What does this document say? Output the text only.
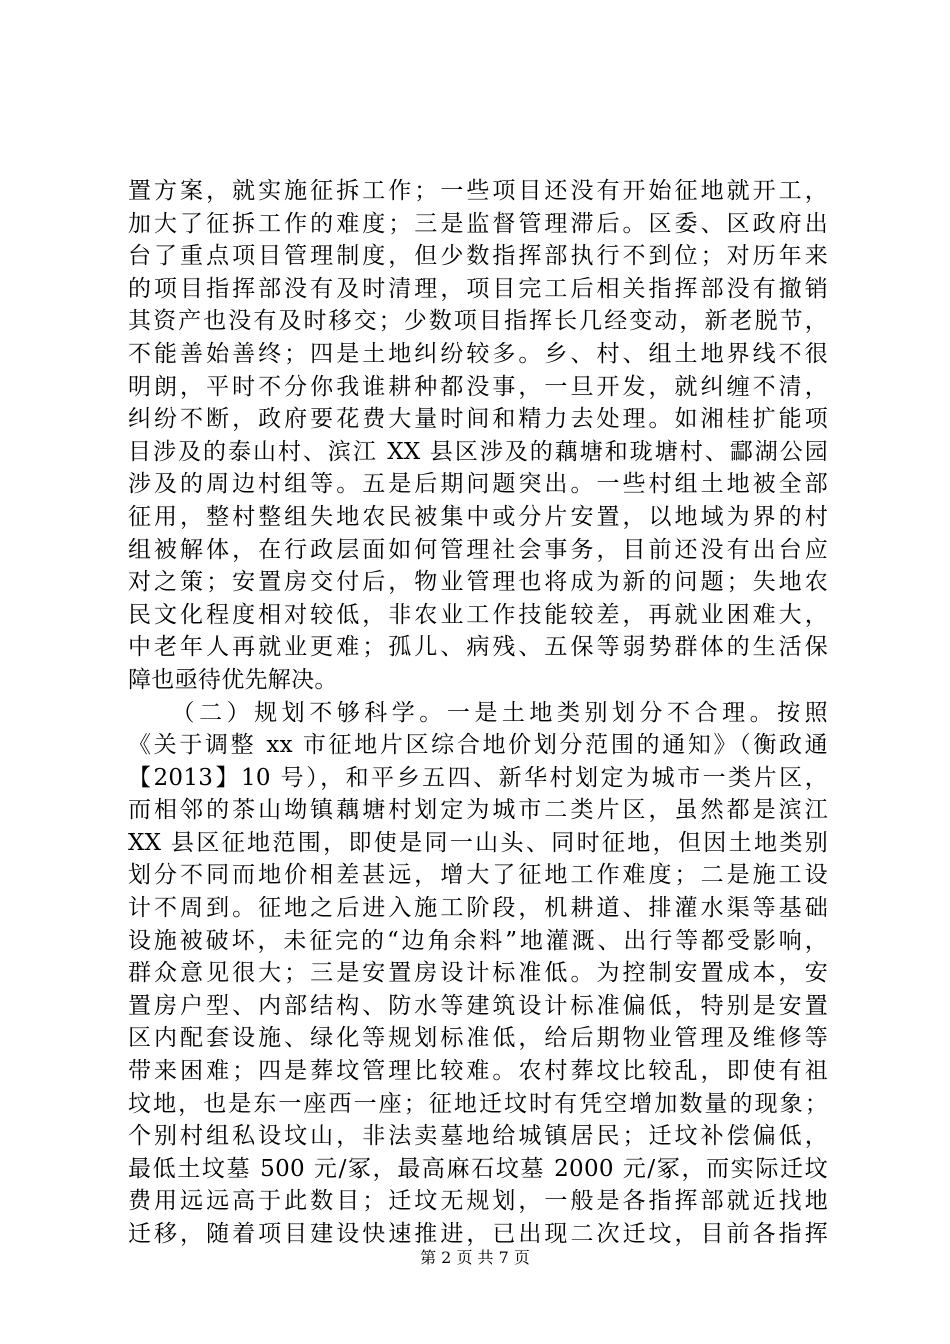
置方案，就实施征拆工作；一些项目还没有开始征地就开工，
加大了征拆工作的难度；三是监督管理滞后。区委、区政府出
台了重点项目管理制度，但少数指挥部执行不到位；对历年来
的项目指挥部没有及时清理，项目完工后相关指挥部没有撤销
其资产也没有及时移交；少数项目指挥长几经变动，新老脱节，
不能善始善终；四是土地纠纷较多。乡、村、组土地界线不很
明朗，平时不分你我谁耕种都没事，一旦开发，就纠缠不清，
纠纷不断，政府要花费大量时间和精力去处理。如湘桂扩能项
目涉及的泰山村、滨江 XX 县区涉及的藕塘和珑塘村、酃湖公园
涉及的周边村组等。五是后期问题突出。一些村组土地被全部
征用，整村整组失地农民被集中或分片安置，以地域为界的村
组被解体，在行政层面如何管理社会事务，目前还没有出台应
对之策；安置房交付后，物业管理也将成为新的问题；失地农
民文化程度相对较低，非农业工作技能较差，再就业困难大，
中老年人再就业更难；孤儿、病残、五保等弱势群体的生活保
障也亟待优先解决。
　　（二）规划不够科学。一是土地类别划分不合理。按照
《关于调整 xx 市征地片区综合地价划分范围的通知》（衡政通
【2013】10 号），和平乡五四、新华村划定为城市一类片区，
而相邻的茶山坳镇藕塘村划定为城市二类片区，虽然都是滨江
XX 县区征地范围，即使是同一山头、同时征地，但因土地类别
划分不同而地价相差甚远，增大了征地工作难度；二是施工设
计不周到。征地之后进入施工阶段，机耕道、排灌水渠等基础
设施被破坏，未征完的“边角余料”地灌溉、出行等都受影响，
群众意见很大；三是安置房设计标准低。为控制安置成本，安
置房户型、内部结构、防水等建筑设计标准偏低，特别是安置
区内配套设施、绿化等规划标准低，给后期物业管理及维修等
带来困难；四是葬坟管理比较难。农村葬坟比较乱，即使有祖
坟地，也是东一座西一座；征地迁坟时有凭空增加数量的现象；
个别村组私设坟山，非法卖墓地给城镇居民；迁坟补偿偏低，
最低土坟墓 500 元/冢，最高麻石坟墓 2000 元/冢，而实际迁坟
费用远远高于此数目；迁坟无规划，一般是各指挥部就近找地
迁移，随着项目建设快速推进，已出现二次迁坟，目前各指挥
第 2 页 共 7 页
